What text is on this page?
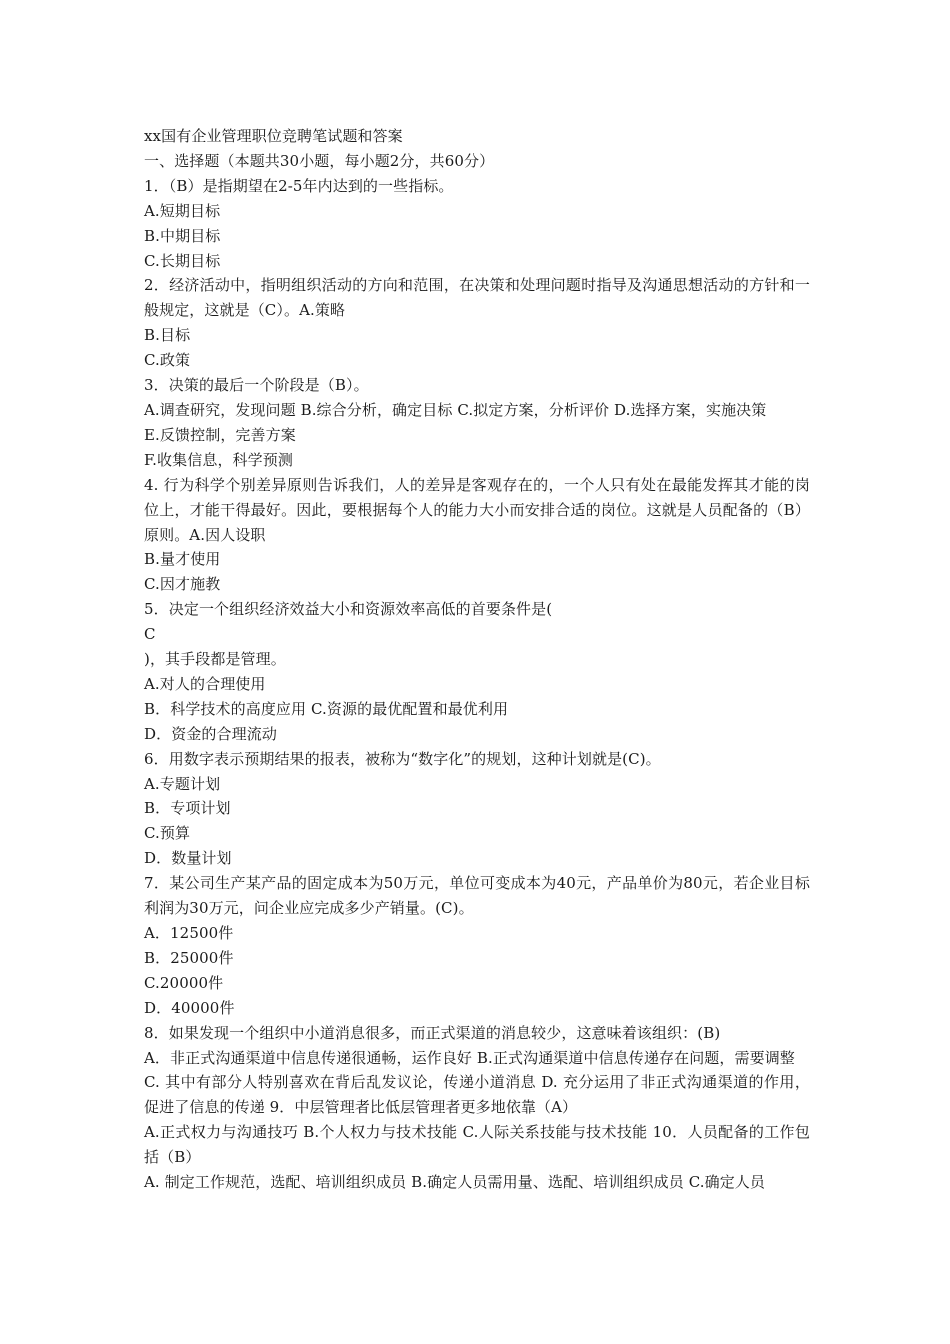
xx国有企业管理职位竞聘笔试题和答案

一、选择题（本题共30小题，每小题2分，共60分）

1．（B）是指期望在2-5年内达到的一些指标。

A.短期目标

B.中期目标

C.长期目标

2．经济活动中，指明组织活动的方向和范围，在决策和处理问题时指导及沟通思想活动的方针和一般规定，这就是（C）。A.策略

B.目标

C.政策

3．决策的最后一个阶段是（B）。

A.调查研究，发现问题 B.综合分析，确定目标 C.拟定方案，分析评价 D.选择方案，实施决策

E.反馈控制，完善方案

F.收集信息，科学预测

4. 行为科学个别差异原则告诉我们，人的差异是客观存在的，一个人只有处在最能发挥其才能的岗位上，才能干得最好。因此，要根据每个人的能力大小而安排合适的岗位。这就是人员配备的（B）原则。A.因人设职

B.量才使用

C.因才施教

5．决定一个组织经济效益大小和资源效率高低的首要条件是(

C

)，其手段都是管理。

A.对人的合理使用

B．科学技术的高度应用 C.资源的最优配置和最优利用

D．资金的合理流动

6．用数字表示预期结果的报表，被称为“数字化”的规划，这种计划就是(C)。

A.专题计划

B．专项计划

C.预算

D．数量计划

7．某公司生产某产品的固定成本为50万元，单位可变成本为40元，产品单价为80元，若企业目标利润为30万元，问企业应完成多少产销量。(C)。

A．12500件

B．25000件

C.20000件

D．40000件

8．如果发现一个组织中小道消息很多，而正式渠道的消息较少，这意味着该组织：(B)

A．非正式沟通渠道中信息传递很通畅，运作良好 B.正式沟通渠道中信息传递存在问题，需要调整

C. 其中有部分人特别喜欢在背后乱发议论，传递小道消息 D. 充分运用了非正式沟通渠道的作用，促进了信息的传递 9．中层管理者比低层管理者更多地依靠（A）

A.正式权力与沟通技巧 B.个人权力与技术技能 C.人际关系技能与技术技能 10．人员配备的工作包括（B）

A. 制定工作规范，选配、培训组织成员 B.确定人员需用量、选配、培训组织成员 C.确定人员
